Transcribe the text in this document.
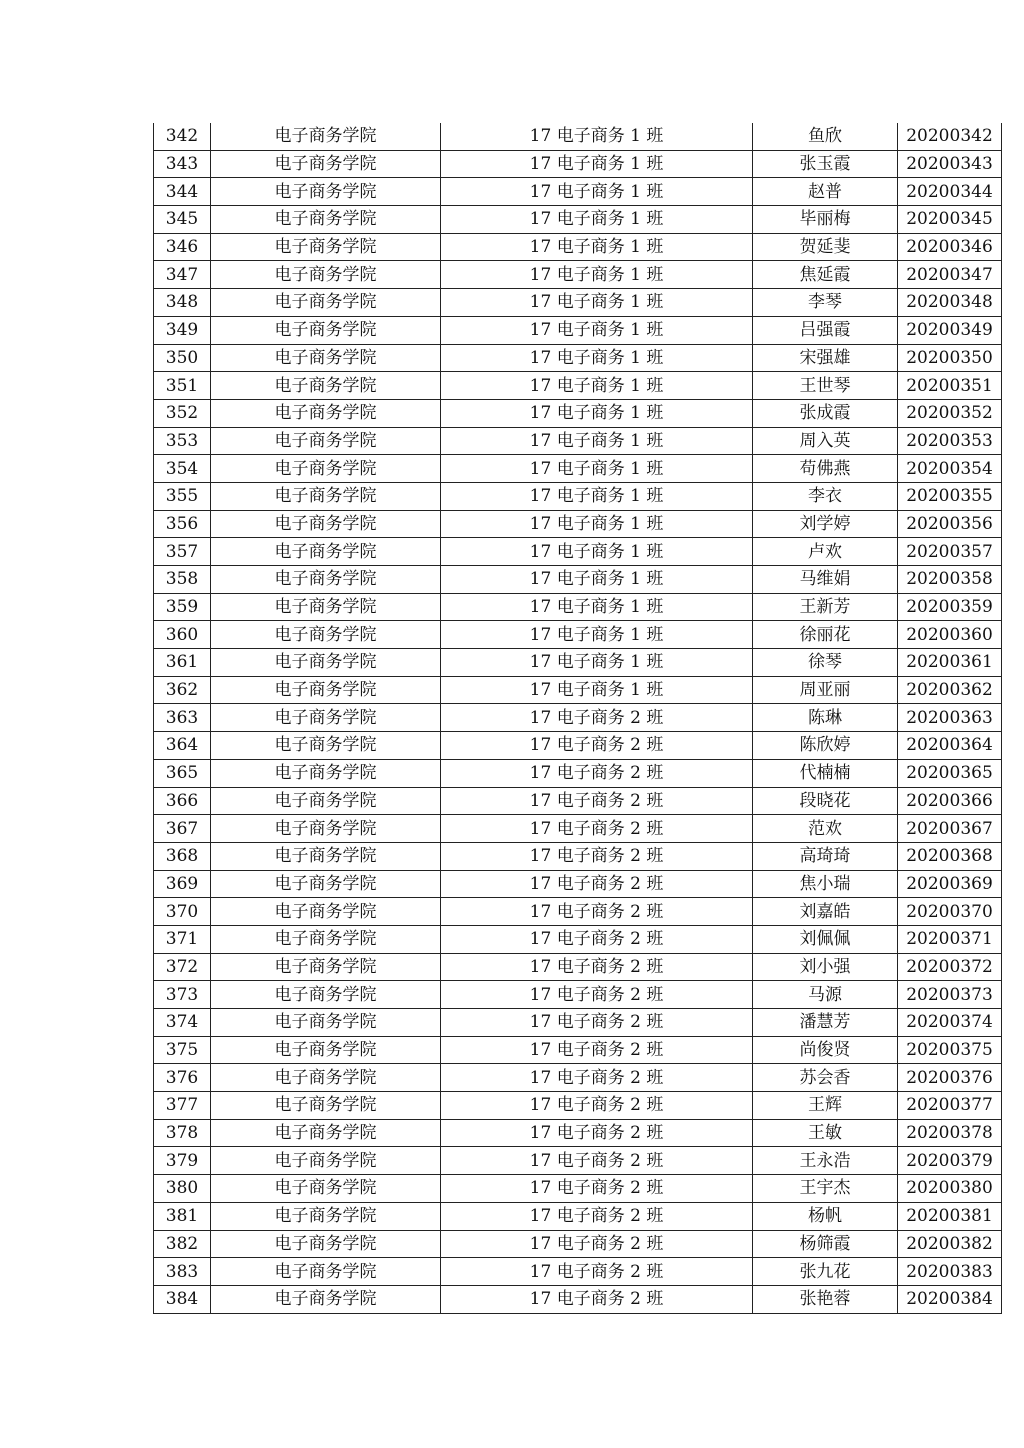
342	电子商务学院	17 电子商务 1 班	鱼欣	20200342
343	电子商务学院	17 电子商务 1 班	张玉霞	20200343
344	电子商务学院	17 电子商务 1 班	赵普	20200344
345	电子商务学院	17 电子商务 1 班	毕丽梅	20200345
346	电子商务学院	17 电子商务 1 班	贺延斐	20200346
347	电子商务学院	17 电子商务 1 班	焦延霞	20200347
348	电子商务学院	17 电子商务 1 班	李琴	20200348
349	电子商务学院	17 电子商务 1 班	吕强霞	20200349
350	电子商务学院	17 电子商务 1 班	宋强雄	20200350
351	电子商务学院	17 电子商务 1 班	王世琴	20200351
352	电子商务学院	17 电子商务 1 班	张成霞	20200352
353	电子商务学院	17 电子商务 1 班	周入英	20200353
354	电子商务学院	17 电子商务 1 班	苟佛燕	20200354
355	电子商务学院	17 电子商务 1 班	李衣	20200355
356	电子商务学院	17 电子商务 1 班	刘学婷	20200356
357	电子商务学院	17 电子商务 1 班	卢欢	20200357
358	电子商务学院	17 电子商务 1 班	马维娟	20200358
359	电子商务学院	17 电子商务 1 班	王新芳	20200359
360	电子商务学院	17 电子商务 1 班	徐丽花	20200360
361	电子商务学院	17 电子商务 1 班	徐琴	20200361
362	电子商务学院	17 电子商务 1 班	周亚丽	20200362
363	电子商务学院	17 电子商务 2 班	陈琳	20200363
364	电子商务学院	17 电子商务 2 班	陈欣婷	20200364
365	电子商务学院	17 电子商务 2 班	代楠楠	20200365
366	电子商务学院	17 电子商务 2 班	段晓花	20200366
367	电子商务学院	17 电子商务 2 班	范欢	20200367
368	电子商务学院	17 电子商务 2 班	高琦琦	20200368
369	电子商务学院	17 电子商务 2 班	焦小瑞	20200369
370	电子商务学院	17 电子商务 2 班	刘嘉皓	20200370
371	电子商务学院	17 电子商务 2 班	刘佩佩	20200371
372	电子商务学院	17 电子商务 2 班	刘小强	20200372
373	电子商务学院	17 电子商务 2 班	马源	20200373
374	电子商务学院	17 电子商务 2 班	潘慧芳	20200374
375	电子商务学院	17 电子商务 2 班	尚俊贤	20200375
376	电子商务学院	17 电子商务 2 班	苏会香	20200376
377	电子商务学院	17 电子商务 2 班	王辉	20200377
378	电子商务学院	17 电子商务 2 班	王敏	20200378
379	电子商务学院	17 电子商务 2 班	王永浩	20200379
380	电子商务学院	17 电子商务 2 班	王宇杰	20200380
381	电子商务学院	17 电子商务 2 班	杨帆	20200381
382	电子商务学院	17 电子商务 2 班	杨筛霞	20200382
383	电子商务学院	17 电子商务 2 班	张九花	20200383
384	电子商务学院	17 电子商务 2 班	张艳蓉	20200384
